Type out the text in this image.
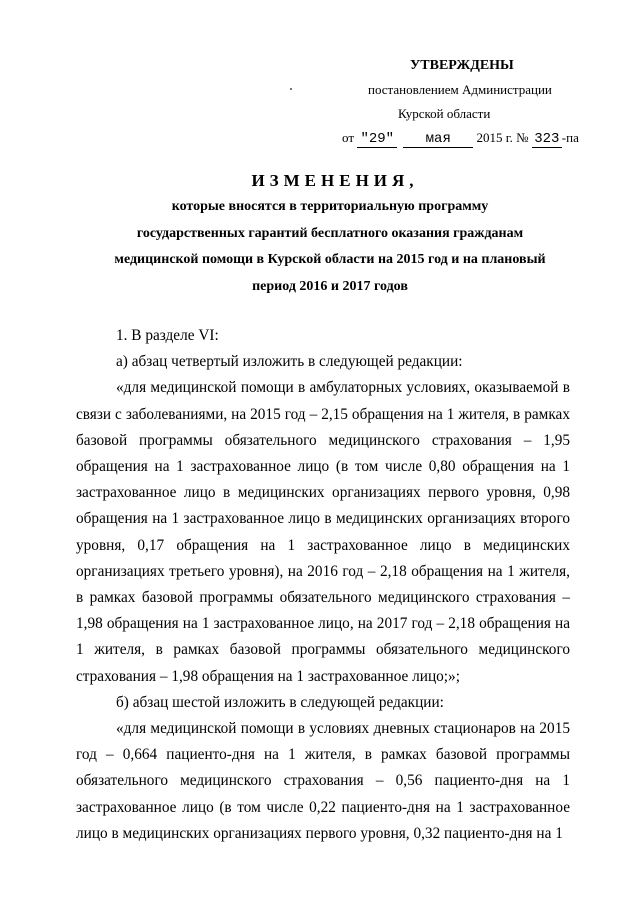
УТВЕРЖДЕНЫ
постановлением Администрации
Курской области
от "29" мая 2015 г. № 323 -па
ИЗМЕНЕНИЯ,
которые вносятся в территориальную программу
государственных гарантий бесплатного оказания гражданам
медицинской помощи в Курской области на 2015 год и на плановый
период 2016 и 2017 годов

1. В разделе VI:

а) абзац четвертый изложить в следующей редакции:

«для медицинской помощи в амбулаторных условиях, оказываемой в связи с заболеваниями, на 2015 год – 2,15 обращения на 1 жителя, в рамках базовой программы обязательного медицинского страхования – 1,95 обращения на 1 застрахованное лицо (в том числе 0,80 обращения на 1 застрахованное лицо в медицинских организациях первого уровня, 0,98 обращения на 1 застрахованное лицо в медицинских организациях второго уровня, 0,17 обращения на 1 застрахованное лицо в медицинских организациях третьего уровня), на 2016 год – 2,18 обращения на 1 жителя, в рамках базовой программы обязательного медицинского страхования – 1,98 обращения на 1 застрахованное лицо, на 2017 год – 2,18 обращения на 1 жителя, в рамках базовой программы обязательного медицинского страхования – 1,98 обращения на 1 застрахованное лицо;»;

б) абзац шестой изложить в следующей редакции:

«для медицинской помощи в условиях дневных стационаров на 2015 год – 0,664 пациенто-дня на 1 жителя, в рамках базовой программы обязательного медицинского страхования – 0,56 пациенто-дня на 1 застрахованное лицо (в том числе 0,22 пациенто-дня на 1 застрахованное лицо в медицинских организациях первого уровня, 0,32 пациенто-дня на 1
